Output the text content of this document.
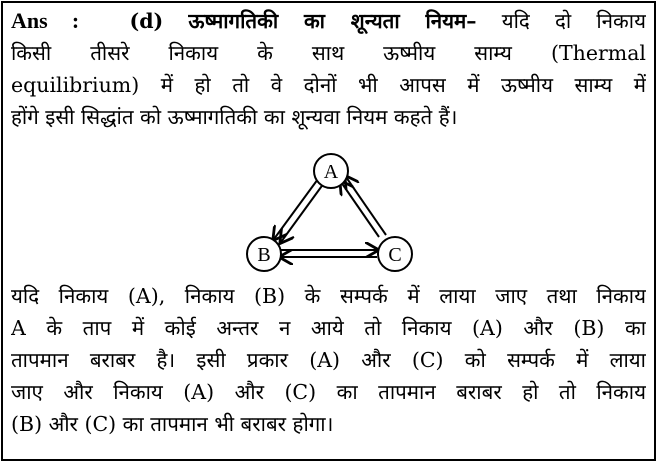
Ans : (d) ऊष्मागतिकी का शून्यता नियम– यदि दो निकाय
किसी तीसरे निकाय के साथ ऊष्मीय साम्य (Thermal
equilibrium) में हो तो वे दोनों भी आपस में ऊष्मीय साम्य में
होंगे इसी सिद्धांत को ऊष्मागतिकी का शून्यवा नियम कहते हैं।
A
B	C
यदि निकाय (A), निकाय (B) के सम्पर्क में लाया जाए तथा निकाय
A के ताप में कोई अन्तर न आये तो निकाय (A) और (B) का
तापमान बराबर है। इसी प्रकार (A) और (C) को सम्पर्क में लाया
जाए और निकाय (A) और (C) का तापमान बराबर हो तो निकाय
(B) और (C) का तापमान भी बराबर होगा।
